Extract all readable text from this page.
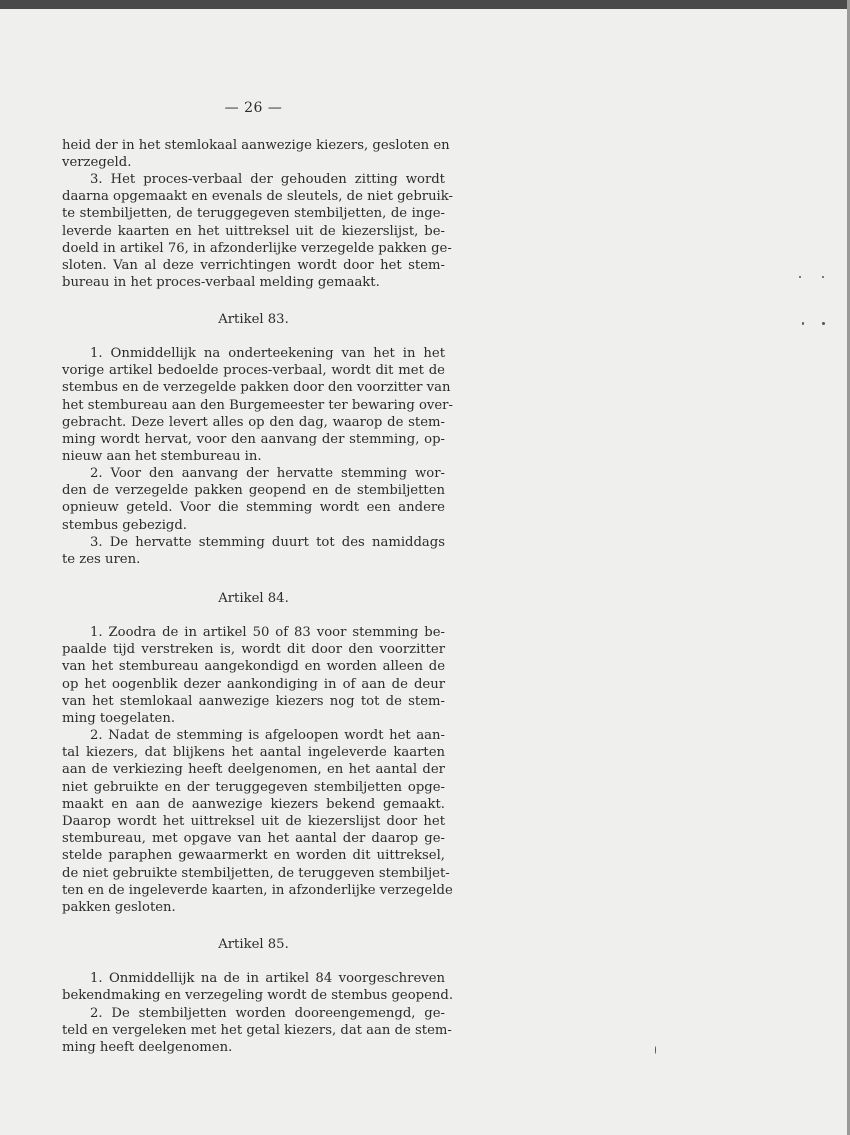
— 26 —
heid der in het stemlokaal aanwezige kiezers, gesloten en
verzegeld.
3. Het proces-verbaal der gehouden zitting wordt
daarna opgemaakt en evenals de sleutels, de niet gebruik-
te stembiljetten, de teruggegeven stembiljetten, de inge-
leverde kaarten en het uittreksel uit de kiezerslijst, be-
doeld in artikel 76, in afzonderlijke verzegelde pakken ge-
sloten. Van al deze verrichtingen wordt door het stem-
bureau in het proces-verbaal melding gemaakt.
Artikel 83.
1. Onmiddellijk na onderteekening van het in het
vorige artikel bedoelde proces-verbaal, wordt dit met de
stembus en de verzegelde pakken door den voorzitter van
het stembureau aan den Burgemeester ter bewaring over-
gebracht. Deze levert alles op den dag, waarop de stem-
ming wordt hervat, voor den aanvang der stemming, op-
nieuw aan het stembureau in.
2. Voor den aanvang der hervatte stemming wor-
den de verzegelde pakken geopend en de stembiljetten
opnieuw geteld. Voor die stemming wordt een andere
stembus gebezigd.
3. De hervatte stemming duurt tot des namiddags
te zes uren.
Artikel 84.
1. Zoodra de in artikel 50 of 83 voor stemming be-
paalde tijd verstreken is, wordt dit door den voorzitter
van het stembureau aangekondigd en worden alleen de
op het oogenblik dezer aankondiging in of aan de deur
van het stemlokaal aanwezige kiezers nog tot de stem-
ming toegelaten.
2. Nadat de stemming is afgeloopen wordt het aan-
tal kiezers, dat blijkens het aantal ingeleverde kaarten
aan de verkiezing heeft deelgenomen, en het aantal der
niet gebruikte en der teruggegeven stembiljetten opge-
maakt en aan de aanwezige kiezers bekend gemaakt.
Daarop wordt het uittreksel uit de kiezerslijst door het
stembureau, met opgave van het aantal der daarop ge-
stelde paraphen gewaarmerkt en worden dit uittreksel,
de niet gebruikte stembiljetten, de teruggeven stembiljet-
ten en de ingeleverde kaarten, in afzonderlijke verzegelde
pakken gesloten.
Artikel 85.
1. Onmiddellijk na de in artikel 84 voorgeschreven
bekendmaking en verzegeling wordt de stembus geopend.
2. De stembiljetten worden dooreengemengd, ge-
teld en vergeleken met het getal kiezers, dat aan de stem-
ming heeft deelgenomen.
